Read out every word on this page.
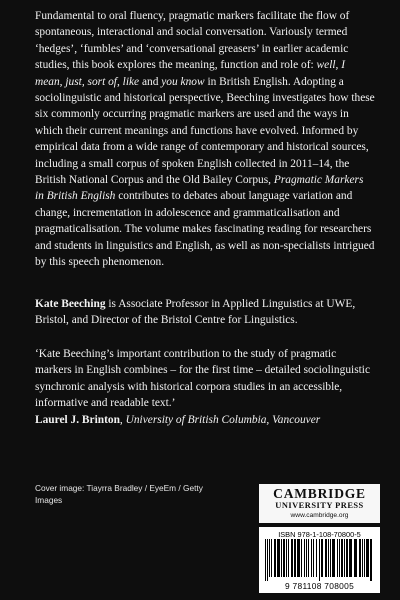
Fundamental to oral fluency, pragmatic markers facilitate the flow of spontaneous, interactional and social conversation. Variously termed ‘hedges’, ‘fumbles’ and ‘conversational greasers’ in earlier academic studies, this book explores the meaning, function and role of: well, I mean, just, sort of, like and you know in British English. Adopting a sociolinguistic and historical perspective, Beeching investigates how these six commonly occurring pragmatic markers are used and the ways in which their current meanings and functions have evolved. Informed by empirical data from a wide range of contemporary and historical sources, including a small corpus of spoken English collected in 2011–14, the British National Corpus and the Old Bailey Corpus, Pragmatic Markers in British English contributes to debates about language variation and change, incrementation in adolescence and grammaticalisation and pragmaticalisation. The volume makes fascinating reading for researchers and students in linguistics and English, as well as non-specialists intrigued by this speech phenomenon.

Kate Beeching is Associate Professor in Applied Linguistics at UWE, Bristol, and Director of the Bristol Centre for Linguistics.
‘Kate Beeching’s important contribution to the study of pragmatic markers in English combines – for the first time – detailed sociolinguistic synchronic analysis with historical corpora studies in an accessible, informative and readable text.’
Laurel J. Brinton, University of British Columbia, Vancouver
Cover image: Tiayrra Bradley / EyeEm / Getty Images	CAMBRIDGE
UNIVERSITY PRESS
www.cambridge.org
ISBN 978-1-108-70800-5
9 781108 708005
